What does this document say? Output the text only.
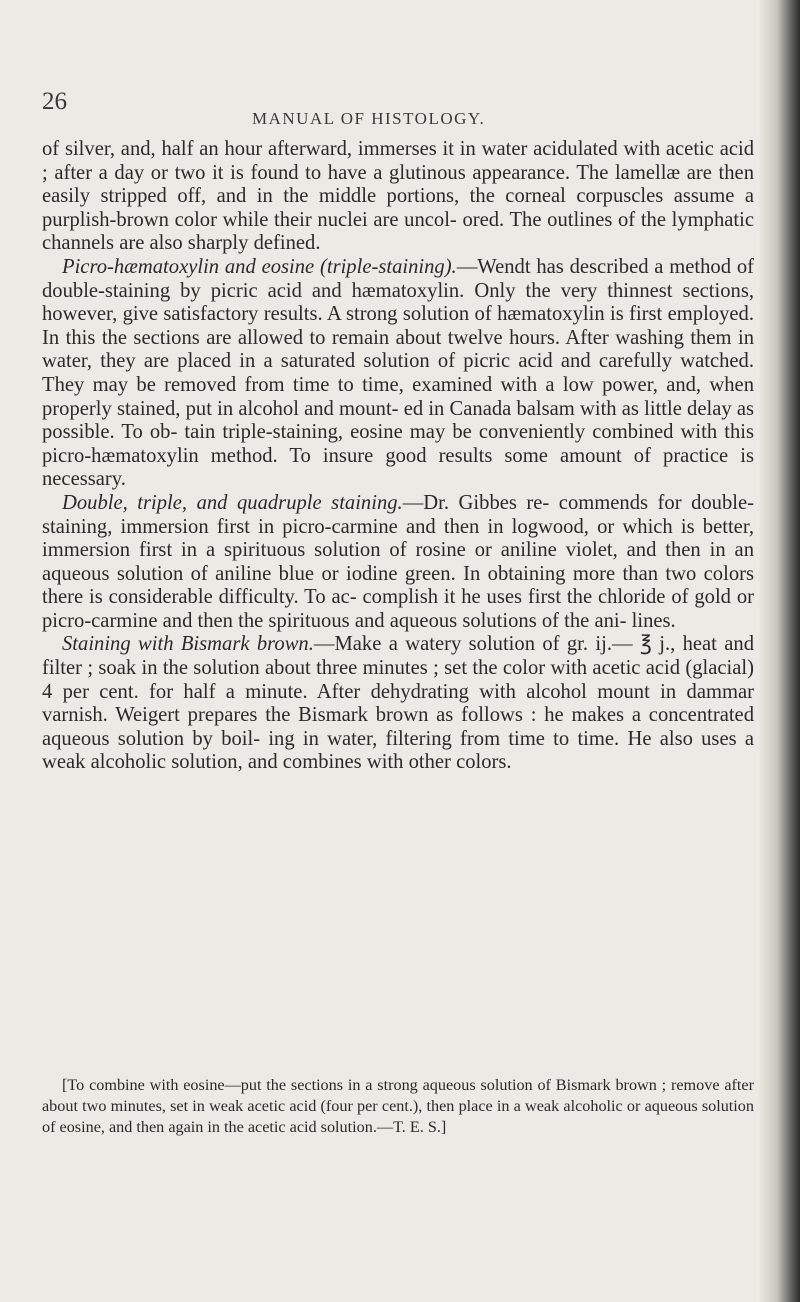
26
MANUAL OF HISTOLOGY.

of silver, and, half an hour afterward, immerses it in water acidulated with acetic acid ; after a day or two it is found to have a glutinous appearance. The lamellæ are then easily stripped off, and in the middle portions, the corneal corpuscles assume a purplish-brown color while their nuclei are uncol- ored. The outlines of the lymphatic channels are also sharply defined.

Picro-hæmatoxylin and eosine (triple-staining).—Wendt has described a method of double-staining by picric acid and hæmatoxylin. Only the very thinnest sections, however, give satisfactory results. A strong solution of hæmatoxylin is first employed. In this the sections are allowed to remain about twelve hours. After washing them in water, they are placed in a saturated solution of picric acid and carefully watched. They may be removed from time to time, examined with a low power, and, when properly stained, put in alcohol and mount- ed in Canada balsam with as little delay as possible. To ob- tain triple-staining, eosine may be conveniently combined with this picro-hæmatoxylin method. To insure good results some amount of practice is necessary.

Double, triple, and quadruple staining.—Dr. Gibbes re- commends for double-staining, immersion first in picro-carmine and then in logwood, or which is better, immersion first in a spirituous solution of rosine or aniline violet, and then in an aqueous solution of aniline blue or iodine green. In obtaining more than two colors there is considerable difficulty. To ac- complish it he uses first the chloride of gold or picro-carmine and then the spirituous and aqueous solutions of the ani- lines.

Staining with Bismark brown.—Make a watery solution of gr. ij.— ℥ j., heat and filter ; soak in the solution about three minutes ; set the color with acetic acid (glacial) 4 per cent. for half a minute. After dehydrating with alcohol mount in dammar varnish. Weigert prepares the Bismark brown as follows : he makes a concentrated aqueous solution by boil- ing in water, filtering from time to time. He also uses a weak alcoholic solution, and combines with other colors.

[To combine with eosine—put the sections in a strong aqueous solution of Bismark brown ; remove after about two minutes, set in weak acetic acid (four per cent.), then place in a weak alcoholic or aqueous solution of eosine, and then again in the acetic acid solution.—T. E. S.]
